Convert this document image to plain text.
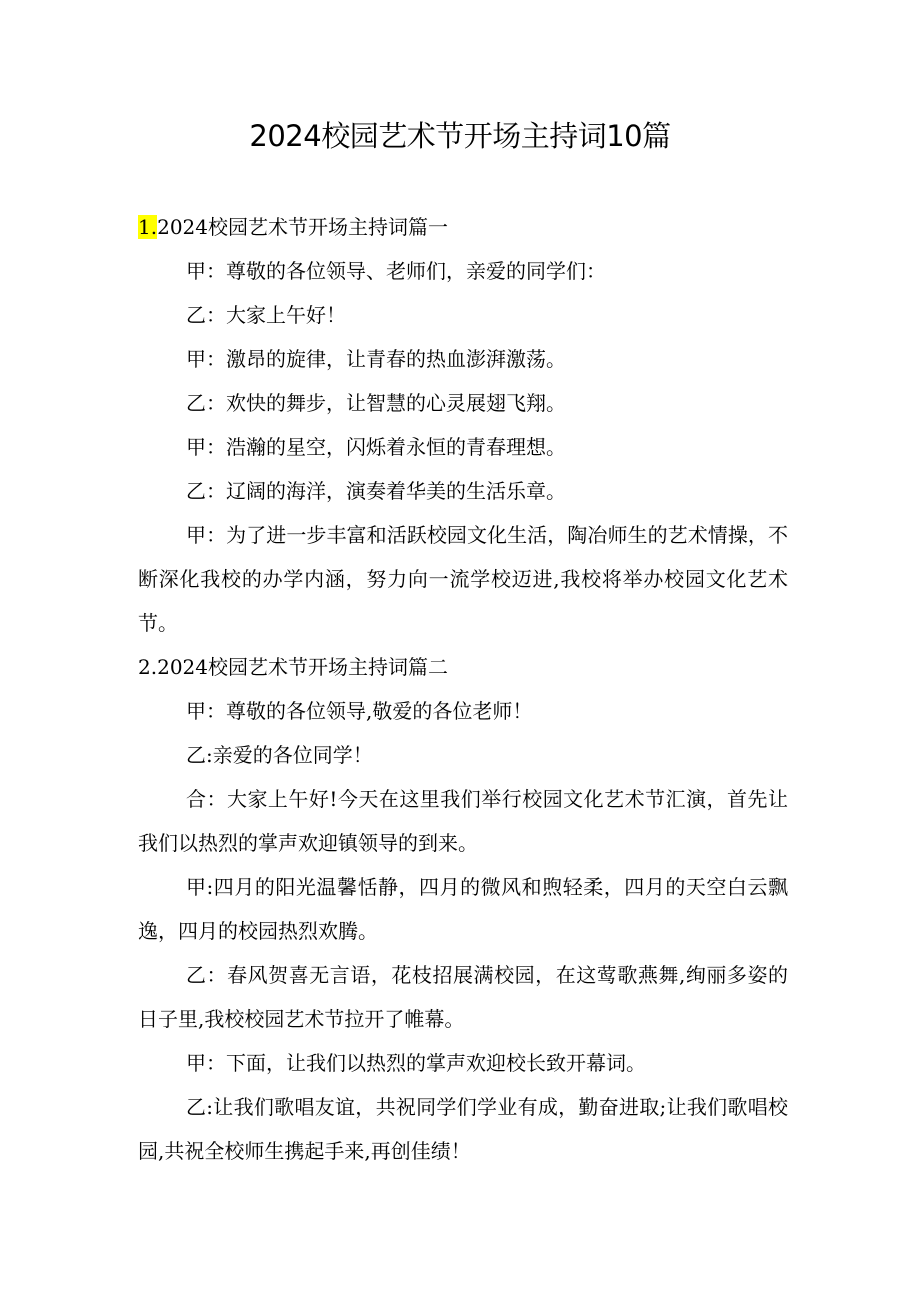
2024校园艺术节开场主持词10篇
1.2024校园艺术节开场主持词篇一

甲：尊敬的各位领导、老师们，亲爱的同学们：

乙：大家上午好！

甲：激昂的旋律，让青春的热血澎湃激荡。

乙：欢快的舞步，让智慧的心灵展翅飞翔。

甲：浩瀚的星空，闪烁着永恒的青春理想。

乙：辽阔的海洋，演奏着华美的生活乐章。

甲：为了进一步丰富和活跃校园文化生活，陶冶师生的艺术情操，不断深化我校的办学内涵，努力向一流学校迈进,我校将举办校园文化艺术节。

2.2024校园艺术节开场主持词篇二

甲：尊敬的各位领导,敬爱的各位老师！

乙:亲爱的各位同学！

合：大家上午好!今天在这里我们举行校园文化艺术节汇演，首先让我们以热烈的掌声欢迎镇领导的到来。

甲:四月的阳光温馨恬静，四月的微风和煦轻柔，四月的天空白云飘逸，四月的校园热烈欢腾。

乙：春风贺喜无言语，花枝招展满校园，在这莺歌燕舞,绚丽多姿的日子里,我校校园艺术节拉开了帷幕。

甲：下面，让我们以热烈的掌声欢迎校长致开幕词。

乙:让我们歌唱友谊，共祝同学们学业有成，勤奋进取;让我们歌唱校园,共祝全校师生携起手来,再创佳绩！
